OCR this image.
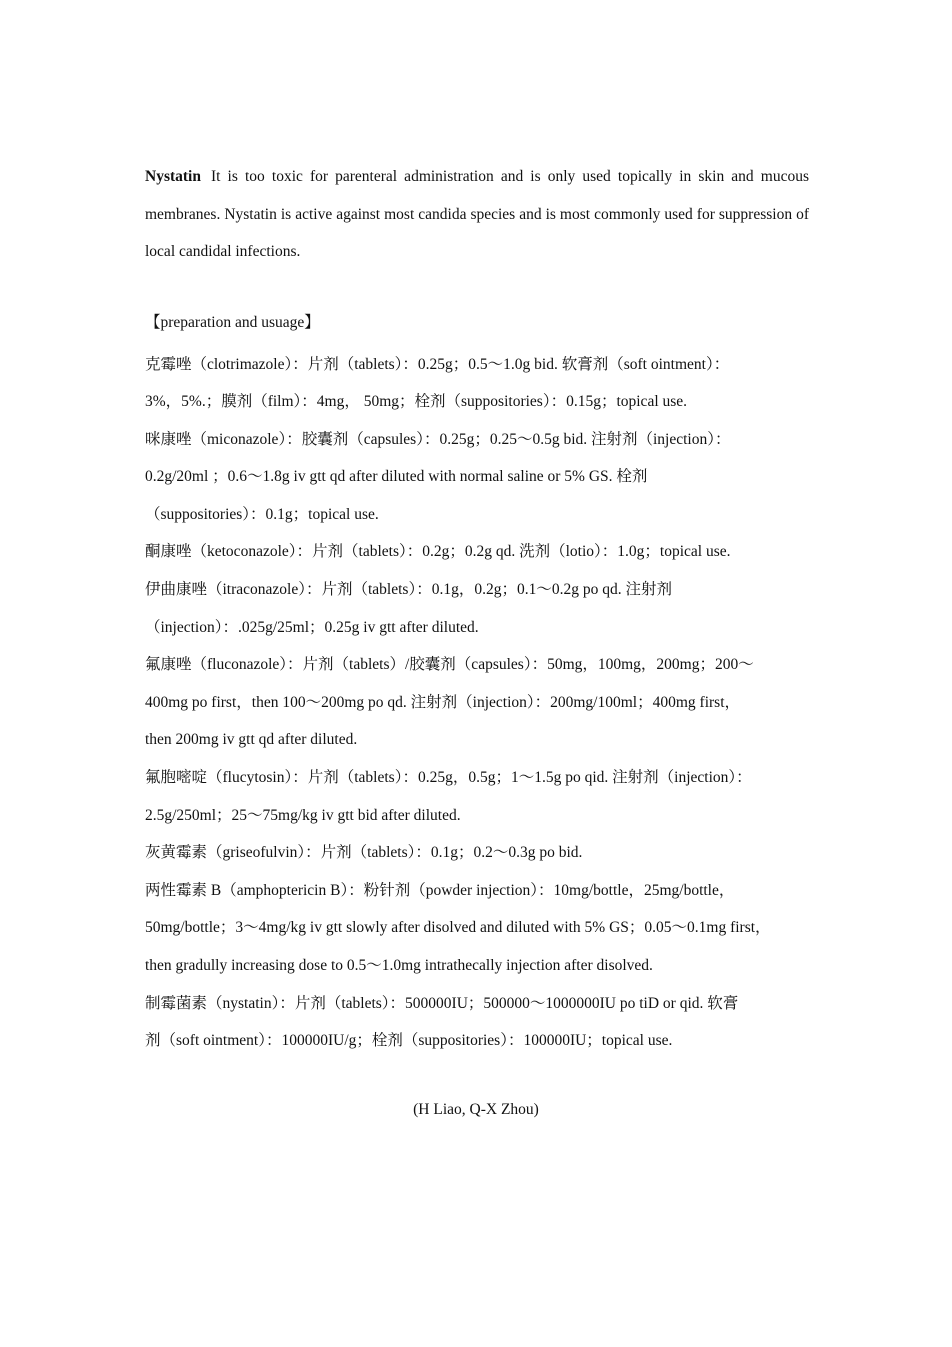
Nystatin It is too toxic for parenteral administration and is only used topically in skin and mucous membranes. Nystatin is active against most candida species and is most commonly used for suppression of local candidal infections.

【preparation and usuage】

克霉唑（clotrimazole）：片剂（tablets）：0.25g；0.5～1.0g bid. 软膏剂（soft ointment）：
3%，5%.；膜剂（film）：4mg， 50mg；栓剂（suppositories）：0.15g；topical use.
咪康唑（miconazole）：胶囊剂（capsules）：0.25g；0.25～0.5g bid. 注射剂（injection）：
0.2g/20ml ；0.6～1.8g iv gtt qd after diluted with normal saline or 5% GS. 栓剂
（suppositories）：0.1g；topical use.
酮康唑（ketoconazole）：片剂（tablets）：0.2g；0.2g qd. 洗剂（lotio）：1.0g；topical use.
伊曲康唑（itraconazole）：片剂（tablets）：0.1g，0.2g；0.1～0.2g po qd. 注射剂
（injection）：.025g/25ml；0.25g iv gtt after diluted.
氟康唑（fluconazole）：片剂（tablets）/胶囊剂（capsules）：50mg，100mg，200mg；200～
400mg po first，then 100～200mg po qd. 注射剂（injection）：200mg/100ml；400mg first，
then 200mg iv gtt qd after diluted.
氟胞嘧啶（flucytosin）：片剂（tablets）：0.25g，0.5g；1～1.5g po qid. 注射剂（injection）：
2.5g/250ml；25～75mg/kg iv gtt bid after diluted.
灰黄霉素（griseofulvin）：片剂（tablets）：0.1g；0.2～0.3g po bid.
两性霉素 B（amphoptericin B）：粉针剂（powder injection）：10mg/bottle，25mg/bottle，
50mg/bottle；3～4mg/kg iv gtt slowly after disolved and diluted with 5% GS；0.05～0.1mg first，
then gradully increasing dose to 0.5～1.0mg intrathecally injection after disolved.
制霉菌素（nystatin）：片剂（tablets）：500000IU；500000～1000000IU po tiD or qid. 软膏
剂（soft ointment）：100000IU/g；栓剂（suppositories）：100000IU；topical use.

(H Liao, Q-X Zhou)
